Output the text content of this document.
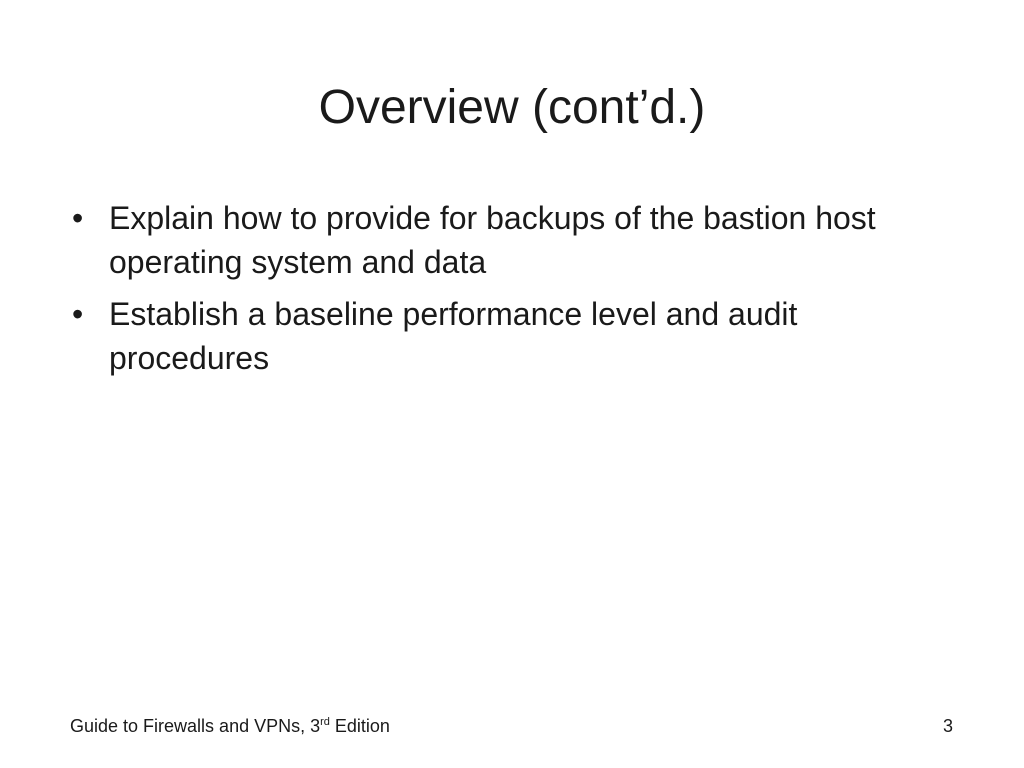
Overview (cont’d.)
• Explain how to provide for backups of the bastion host operating system and data
• Establish a baseline performance level and audit procedures
Guide to Firewalls and VPNs, 3rd Edition	3
